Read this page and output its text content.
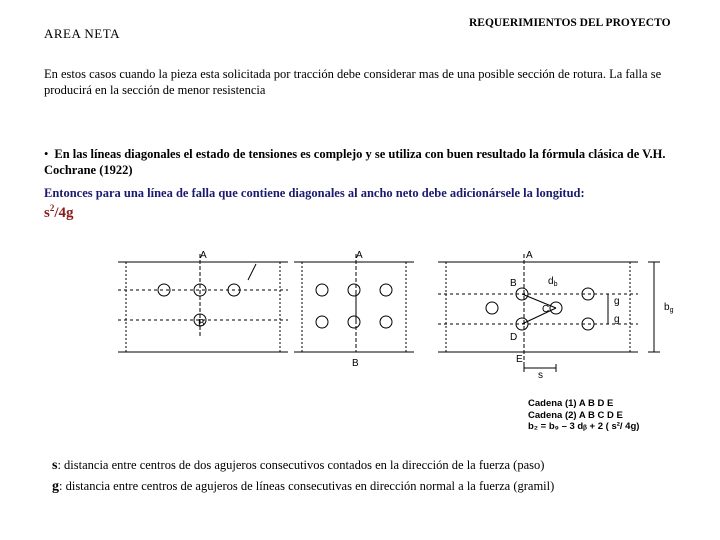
AREA NETA
REQUERIMIENTOS DEL PROYECTO
En estos casos cuando la pieza esta solicitada por tracción debe considerar mas de una posible sección de rotura. La falla se producirá en la sección de menor resistencia
• En las líneas diagonales el estado de tensiones es complejo y se utiliza con buen resultado la fórmula clásica de V.H. Cochrane (1922)
Entonces para una línea de falla que contiene diagonales al ancho neto debe adicionársele la longitud:
$s^2/4g$
A
B
A
B
A
B
C
D
E
s
g
g
$d_b$
$b_g$
Cadena (1) A B D E
Cadena (2) A B C D E
b₂ = b₉ – 3 dᵦ + 2 ( s²/ 4g)
s: distancia entre centros de dos agujeros consecutivos contados en la dirección de la fuerza (paso)
g: distancia entre centros de agujeros de líneas consecutivas en dirección normal a la fuerza (gramil)
